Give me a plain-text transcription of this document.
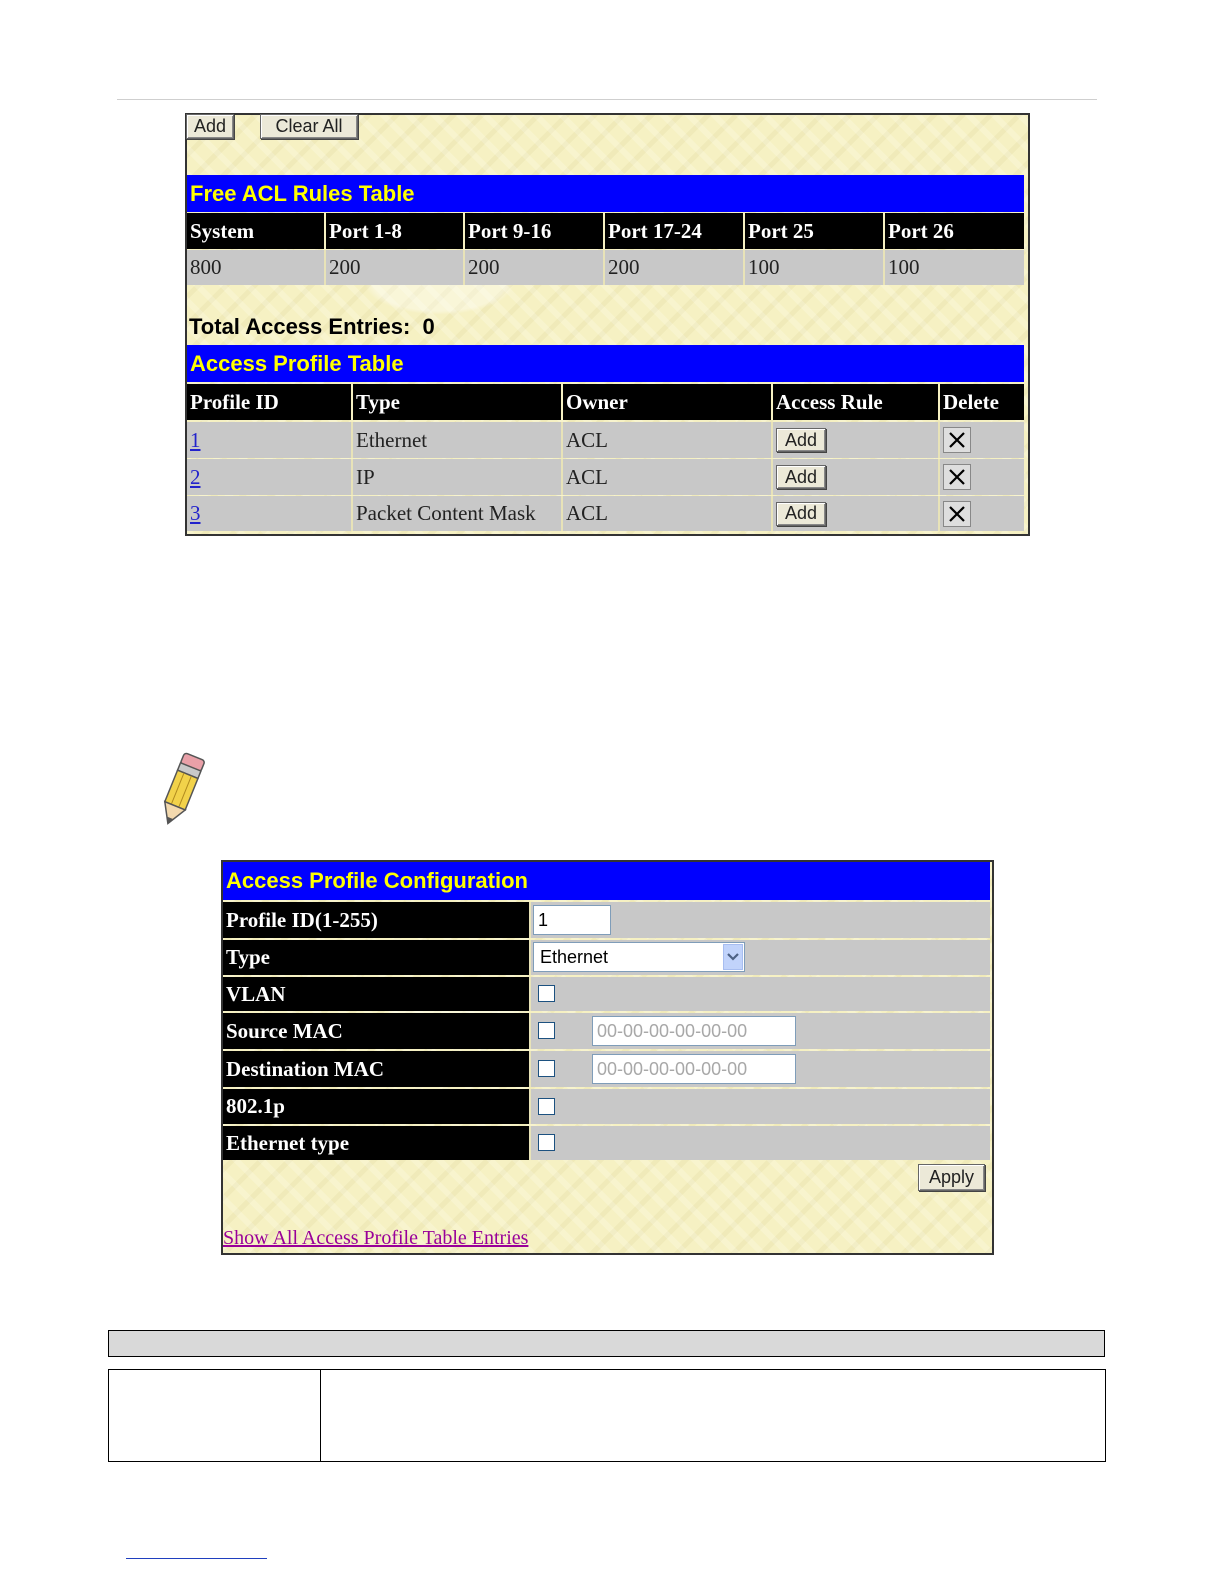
Add	Clear All
Free ACL Rules Table
System	Port 1-8	Port 9-16	Port 17-24	Port 25	Port 26
800	200	200	200	100	100
Total Access Entries: 0
Access Profile Table
Profile ID	Type	Owner	Access Rule	Delete
1	Ethernet	ACL	Add
2	IP	ACL	Add
3	Packet Content Mask	ACL	Add
Access Profile Configuration
Profile ID(1-255)	1
Type	Ethernet
VLAN
Source MAC	00-00-00-00-00-00
Destination MAC	00-00-00-00-00-00
802.1p
Ethernet type
Apply
Show All Access Profile Table Entries
